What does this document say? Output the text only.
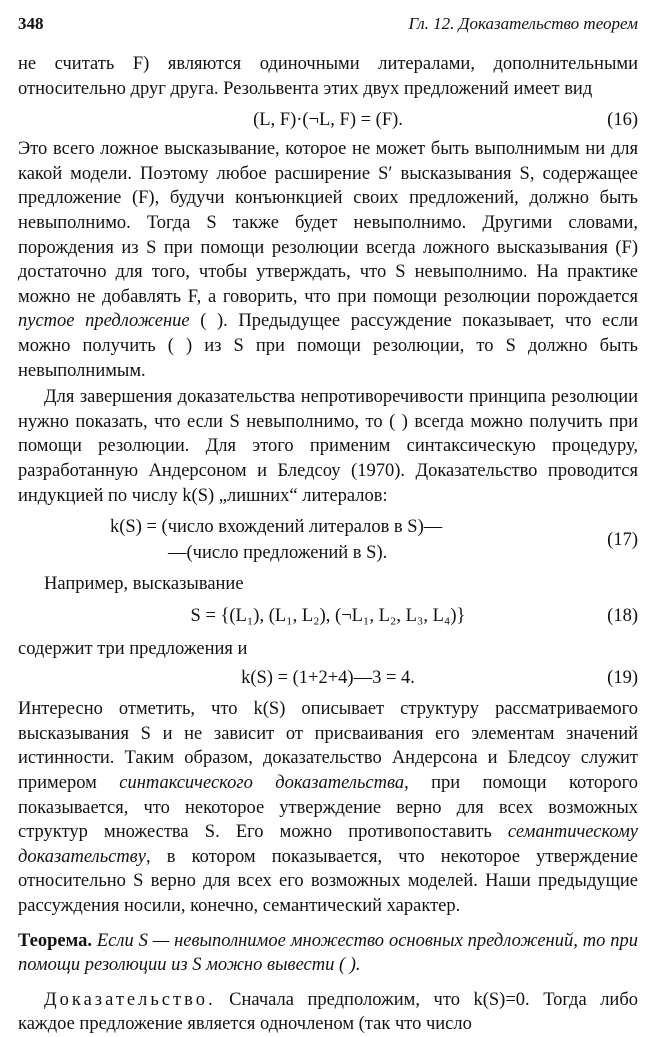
348	Гл. 12. Доказательство теорем

не считать F) являются одиночными литералами, дополнительными относительно друг друга. Резольвента этих двух предложений имеет вид

(L, F)·(¬L, F) = (F).	(16)

Это всего ложное высказывание, которое не может быть выполнимым ни для какой модели. Поэтому любое расширение S′ высказывания S, содержащее предложение (F), будучи конъюнкцией своих предложений, должно быть невыполнимо. Тогда S также будет невыполнимо. Другими словами, порождения из S при помощи резолюции всегда ложного высказывания (F) достаточно для того, чтобы утверждать, что S невыполнимо. На практике можно не добавлять F, а говорить, что при помощи резолюции порождается пустое предложение ( ). Предыдущее рассуждение показывает, что если можно получить ( ) из S при помощи резолюции, то S должно быть невыполнимым.

Для завершения доказательства непротиворечивости принципа резолюции нужно показать, что если S невыполнимо, то ( ) всегда можно получить при помощи резолюции. Для этого применим синтаксическую процедуру, разработанную Андерсоном и Бледсоу (1970). Доказательство проводится индукцией по числу k(S) „лишних“ литералов:

k(S) = (число вхождений литералов в S)—
—(число предложений в S).
(17)

Например, высказывание

S = {(L₁), (L₁, L₂), (¬L₁, L₂, L₃, L₄)}	(18)

содержит три предложения и

k(S) = (1+2+4)—3 = 4.	(19)

Интересно отметить, что k(S) описывает структуру рассматриваемого высказывания S и не зависит от присваивания его элементам значений истинности. Таким образом, доказательство Андерсона и Бледсоу служит примером синтаксического доказательства, при помощи которого показывается, что некоторое утверждение верно для всех возможных структур множества S. Его можно противопоставить семантическому доказательству, в котором показывается, что некоторое утверждение относительно S верно для всех его возможных моделей. Наши предыдущие рассуждения носили, конечно, семантический характер.

Теорема. Если S — невыполнимое множество основных предложений, то при помощи резолюции из S можно вывести ( ).

Доказательство. Сначала предположим, что k(S)=0. Тогда либо каждое предложение является одночленом (так что число
